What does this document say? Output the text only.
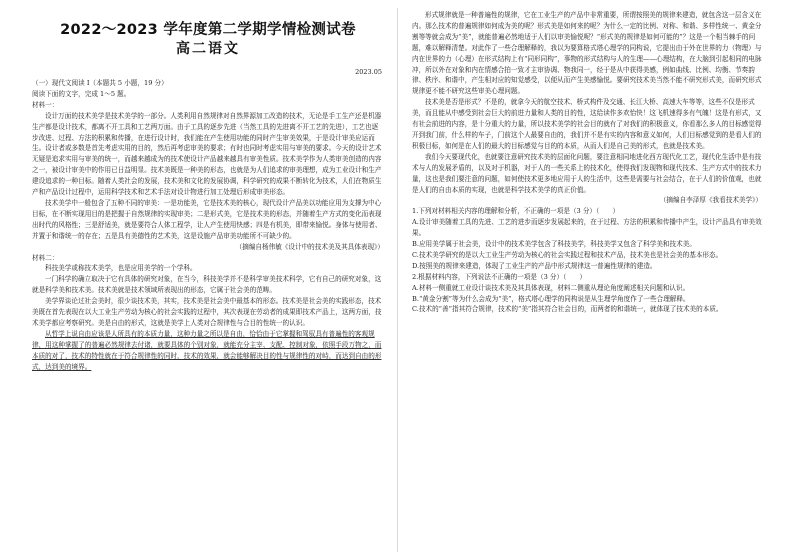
2022～2023 学年度第二学期学情检测试卷
高二语文
2023.05

（一）现代文阅读 I（本题共 5 小题，19 分）

阅读下面的文字，完成 1～5 题。

材料一：

设计万面的技术美学是技术美学的一部分。人类利用自然规律对自然界源加工改造的技术，无论是手工生产还是机器生产都是设计技术，都离不开工具和工艺两万面。由于工具的逐步先进（当然工具的先进离不开工艺的先进），工艺也逐步改进、过程、方法的积累和传播，在进行设计时，我们能在产生使用功能的同时产生审美效果，于是设计审美应运而生。设计者或多数是首先考虑实用的目的，然后再考虑审美的要求；有时也同时考虑实用与审美的要求。今天的设计艺术无疑是追求实用与审美的统一，而越来越成为的技术使设计产品越来越具有审美性质。技术美学作为人类审美创造的内容之一，被设计审美中的作用已日益明显。技术美既是一种美的形态，也就是为人们追求的审美理想，成为工业设计和生产建设追求的一种目标。随着人类社会的发展，技术美和文化的发展协调，科学研究的成果不断转化为技术，人们在物质生产和产品设计过程中，运用科学技术和艺术手法对设计物进行加工处理后形成审美形态。

技术美学中一般包含了五种不同的审美：一是功能美，它是技术美的核心，现代设计产品美以功能应用为支撑为中心目标，在不断实现用目的是把握于自然规律的实现审美；二是形式美，它是技术美的形态，并随着生产方式的变化而表现出时代的风格性；三是舒适美，就是要符合人体工程学，让人产生使用快感；四是有机美，即带来愉悦。身体与使用者、并置于和谐统一的存在；五是具有美德性的艺术美，这是设施产品审美功能所不可缺少的。

（摘编自杨伟敏《设计中的技术美及其具体表现》）

材料二：

科技美学或称技术美学，也是应用美学的一个学科。

一门科学的确立取决于它有具体的研究对象，在当今，科技美学并不是科学审美技术科学，它有自己的研究对象，这就是科学美和技术美。技术美就是技术领域所表现出的形态，它属于社会美的范畴。

美学界谈论过社会美时，很少谈技术美，其实，技术美是社会美中最基本的形态。技术美是社会美的实践形态，技术美既在首先表现在以大工业生产劳动为核心的社会实践的过程中，其次表现在劳动者的成果即技术产品上，这两方面，技术美学都应考察研究。美是自由的形式，这就是美学上人类对合规律性与合目的性统一的认识。

从哲学上说自由应该是人所具有的本质力量，这种力量之所以是自由，恰恰由于它掌握和驾驭具有普遍性的客观规律，用这种掌握了的普遍必然规律去付诸，就要具体的个别对象，就能充分主宰、支配、控制对象，依照手段万物之，而本质的对了，技术的特性就在于符合规律性的同时，技术的效果，就会能够解决目的性与规律性的对峙，而达到自由的形式，达到美的境界。

形式规律就是一种普遍性的规律，它在工业生产的产品中非常重要，所谓按照美的规律来建造，就包含这一层含义在内。那么技术的普遍规律如何成为美的呢？形式美是如何来的呢？为什么一定的比例、对称、和谐、多样性统一、黄金分割等等就会成为“美”，就能普遍必然地适于人们以审美愉悦呢？“形式美的规律是如何可能的”？这是一个相当棘手的问题，难以解释清楚。对此作了一些合理解释的，我以为要算格式塔心理学的同构说，它提出由于外在世界的力（物理）与内在世界的力（心理）在形式结构上有“同形同构”，事物的形式结构与人的生理——心理结构，在大脑到引起相同的电脉冲，所以外在对象和内在情感合拍一致才主审协调、物我同一，经于是从中获得美感，例如曲线、比例、均衡、节奏韵律、秩序、和谐中，产生相对应的知觉感受，以便从而产生美感愉悦。要研究技术美当然不能不研究形式美，而研究形式规律更不能不研究这些审美心理问题。

技术美是否是形式？不是的，就拿今天的航空技术、桥式构件及交通、长江大桥、高速大车等等，这些不仅是形式美，而且能从中感受到社会巨大的前进力量和人类的目的性，这给读作多欢怡快！这飞机速得多有气魄！这是有形式，又有社会前进的内容，是十分重大的力量，所以技术美学的社会目的就有了对我们的积极意义，你看那么多人的目标感觉得开到我门前，什么样的车子，门前这个人最要自由的，我们并不是有实的内容和意义如何，人们目标感觉到的是看人们的积极目标，如何是在人们的最大的目标感觉与目的的本质，从而人们是自己美的形式，也就是技术美。

我们今天要现代化，也就要注意研究技术美的层面化问题，要注意相同地进化西方现代化工艺，现代化生活中是有技术与人的发展矛盾的，以及对于机器，对于人的一些关系上的技术化，使得我们发现物和现代技术、生产方式中的技术力量，这也是我们要注意的问题，如何使技术更多地应用于人的生活中，这些是需要与社会结合，在于人们的价值观，也就是人们的自由本质的实现，也就是科学技术美学的真正价值。

（摘编自李泽厚《我看技术美学》）

1.下列对材料相关内容的理解和分析，不正确的一项是（3 分）（　　）

A.设计审美随着工具的先进、工艺的进步而逐步发展起来的，在于过程、方法的积累和传播中产生，设计产品具有审美效果。

B.应用美学属于社会美，设计中的技术美学包含了科技美学，科技美学又包含了科学美和技术美。

C.技术美学研究的是以大工业生产劳动为核心的社会实践过程和技术产品，技术美也是社会美的基本形态。

D.按照美的规律来建造，体现了工业生产的产品中形式规律这一普遍性规律的建造。

2.根据材料内容，下列说法不正确的一项是（3 分）（　　）

A.材料一侧重就工业设计谈技术美及其具体表现，材料二侧重从理论角度阐述相关问题和认识。

B.“黄金分割”等为什么会成为“美”，格式塔心理学的同构说是从生理学角度作了一些合理解释。

C.技术的“善”指其符合规律，技术的“美”指其符合社会目的，而两者的和谐统一，就体现了技术美的本质。
